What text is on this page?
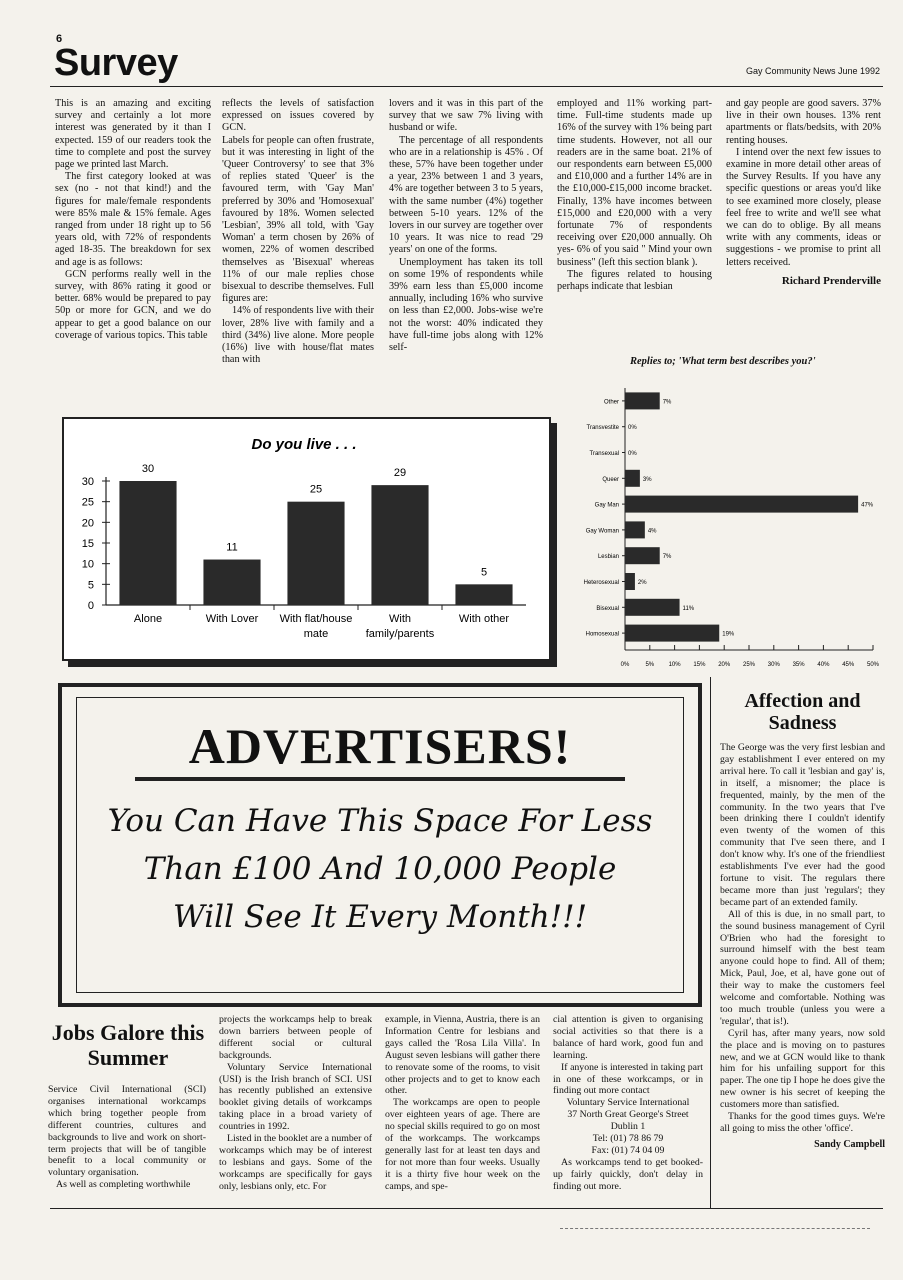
6
Survey	Gay Community News June 1992

This is an amazing and exciting survey and certainly a lot more interest was generated by it than I expected. 159 of our readers took the time to complete and post the survey page we printed last March.

The first category looked at was sex (no - not that kind!) and the figures for male/female respondents were 85% male & 15% female. Ages ranged from under 18 right up to 56 years old, with 72% of respondents aged 18-35. The breakdown for sex and age is as follows:

GCN performs really well in the survey, with 86% rating it good or better. 68% would be prepared to pay 50p or more for GCN, and we do appear to get a good balance on our coverage of various topics. This table

reflects the levels of satisfaction expressed on issues covered by GCN.

Labels for people can often frustrate, but it was interesting in light of the 'Queer Controversy' to see that 3% of replies stated 'Queer' is the favoured term, with 'Gay Man' preferred by 30% and 'Homosexual' favoured by 18%. Women selected 'Lesbian', 39% all told, with 'Gay Woman' a term chosen by 26% of women, 22% of women described themselves as 'Bisexual' whereas 11% of our male replies chose bisexual to describe themselves. Full figures are:

14% of respondents live with their lover, 28% live with family and a third (34%) live alone. More people (16%) live with house/flat mates than with

lovers and it was in this part of the survey that we saw 7% living with husband or wife.

The percentage of all respondents who are in a relationship is 45% . Of these, 57% have been together under a year, 23% between 1 and 3 years, 4% are together between 3 to 5 years, with the same number (4%) together between 5-10 years. 12% of the lovers in our survey are together over 10 years. It was nice to read '29 years' on one of the forms.

Unemployment has taken its toll on some 19% of respondents while 39% earn less than £5,000 income annually, including 16% who survive on less than £2,000. Jobs-wise we're not the worst: 40% indicated they have full-time jobs along with 12% self-

employed and 11% working part-time. Full-time students made up 16% of the survey with 1% being part time students. However, not all our readers are in the same boat. 21% of our respondents earn between £5,000 and £10,000 and a further 14% are in the £10,000-£15,000 income bracket. Finally, 13% have incomes between £15,000 and £20,000 with a very fortunate 7% of respondents receiving over £20,000 annually. Oh yes- 6% of you said " Mind your own business" (left this section blank ).

The figures related to housing perhaps indicate that lesbian

and gay people are good savers. 37% live in their own houses. 13% rent apartments or flats/bedsits, with 20% renting houses.

I intend over the next few issues to examine in more detail other areas of the Survey Results. If you have any specific questions or areas you'd like to see examined more closely, please feel free to write and we'll see what we can do to oblige. By all means write with any comments, ideas or suggestions - we promise to print all letters received.

Richard Prenderville
Do you live . . .
0
5
10
15
20
25
30
30
Alone
11
With Lover
25
With flat/house
mate
29
With
family/parents
5
With other
Replies to; 'What term best describes you?'
Other	7%
Transvestite 0%
Transexual 0%
Queer	3%
Gay Man	47%
Gay Woman	4%
Lesbian	7%
Heterosexual	2%
Bisexual	11%
Homosexual	19%
0%	5% 10% 15% 20% 25% 30% 35% 40% 45% 50%
ADVERTISERS!
You Can Have This Space For Less
Than £100 And 10,000 People
Will See It Every Month!!!
Affection and Sadness

The George was the very first lesbian and gay establishment I ever entered on my arrival here. To call it 'lesbian and gay' is, in itself, a misnomer; the place is frequented, mainly, by the men of the community. In the two years that I've been drinking there I couldn't identify even twenty of the women of this community that I've seen there, and I don't know why. It's one of the friendliest establishments I've ever had the good fortune to visit. The regulars there became more than just 'regulars'; they became part of an extended family.

All of this is due, in no small part, to the sound business management of Cyril O'Brien who had the foresight to surround himself with the best team anyone could hope to find. All of them; Mick, Paul, Joe, et al, have gone out of their way to make the customers feel welcome and comfortable. Nothing was too much trouble (unless you were a 'regular', that is!).

Cyril has, after many years, now sold the place and is moving on to pastures new, and we at GCN would like to thank him for his unfailing support for this paper. The one tip I hope he does give the new owner is his secret of keeping the customers more than satisfied.

Thanks for the good times guys. We're all going to miss the other 'office'.

Sandy Campbell
Jobs Galore this Summer

Service Civil International (SCI) organises international workcamps which bring together people from different countries, cultures and backgrounds to live and work on short-term projects that will be of tangible benefit to a local community or voluntary organisation.

As well as completing worthwhile

projects the workcamps help to break down barriers between people of different social or cultural backgrounds.

Voluntary Service International (USI) is the Irish branch of SCI. USI has recently published an extensive booklet giving details of workcamps taking place in a broad variety of countries in 1992.

Listed in the booklet are a number of workcamps which may be of interest to lesbians and gays. Some of the workcamps are specifically for gays only, lesbians only, etc. For

example, in Vienna, Austria, there is an Information Centre for lesbians and gays called the 'Rosa Lila Villa'. In August seven lesbians will gather there to renovate some of the rooms, to visit other projects and to get to know each other.

The workcamps are open to people over eighteen years of age. There are no special skills required to go on most of the workcamps. The workcamps generally last for at least ten days and for not more than four weeks. Usually it is a thirty five hour week on the camps, and spe-

cial attention is given to organising social activities so that there is a balance of hard work, good fun and learning.

If anyone is interested in taking part in one of these workcamps, or in finding out more contact

Voluntary Service International
37 North Great George's Street
Dublin 1
Tel: (01) 78 86 79
Fax: (01) 74 04 09

As workcamps tend to get booked-up fairly quickly, don't delay in finding out more.
